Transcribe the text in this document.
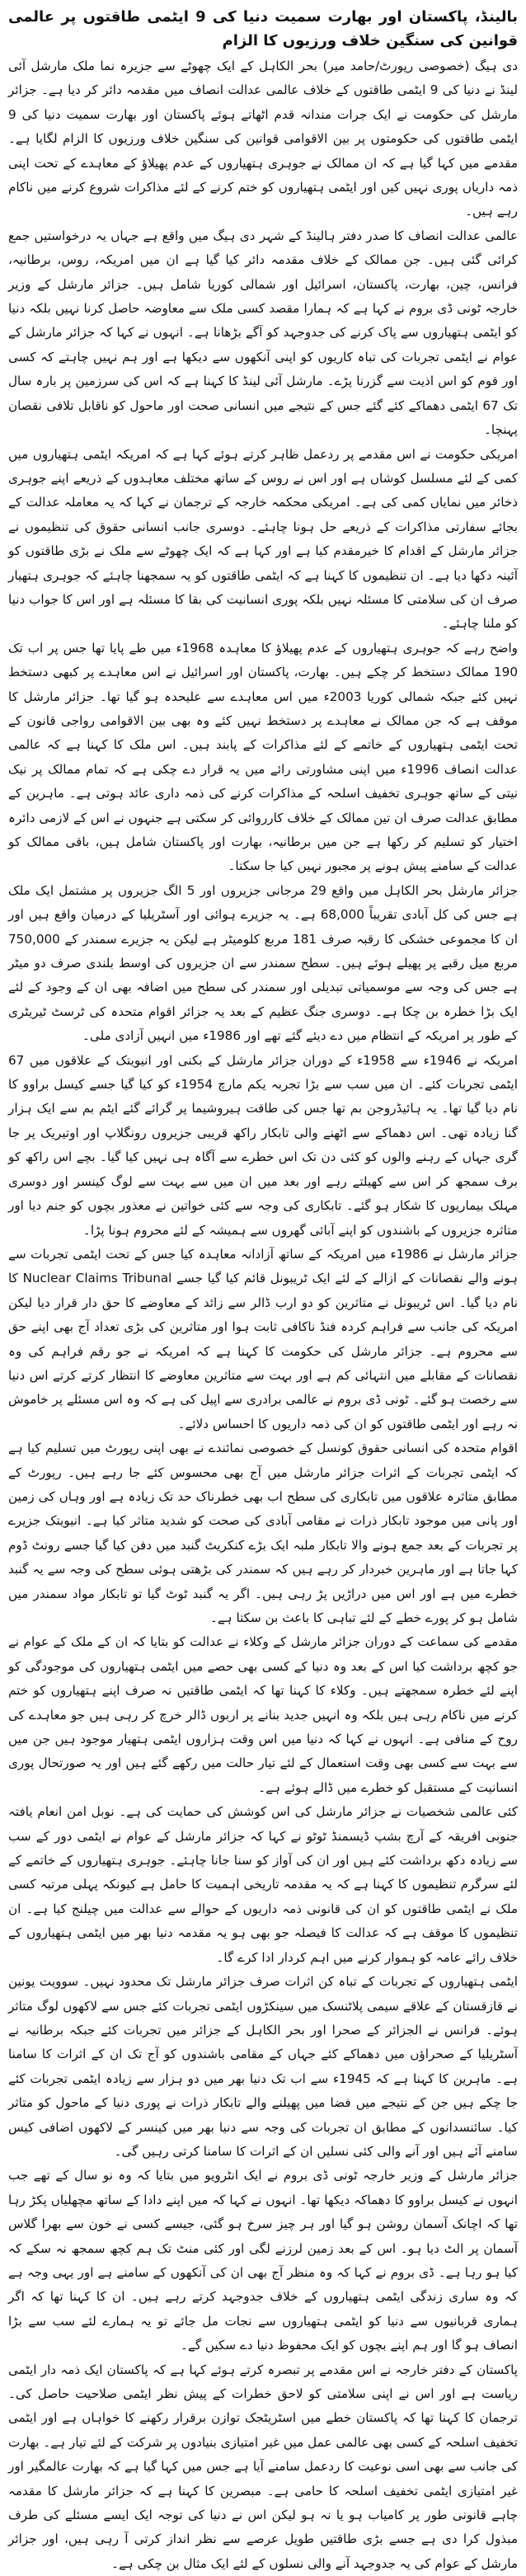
بالینڈ، پاکستان اور بھارت سمیت دنیا کی 9 ایٹمی طاقتوں پر عالمی قوانین کی سنگین خلاف ورزیوں کا الزام

دی ہیگ (خصوصی رپورٹ/حامد میر) بحر الکاہل کے ایک چھوٹے سے جزیرہ نما ملک مارشل آئی لینڈ نے دنیا کی 9 ایٹمی طاقتوں کے خلاف عالمی عدالت انصاف میں مقدمہ دائر کر دیا ہے۔ جزائر مارشل کی حکومت نے ایک جرات مندانہ قدم اٹھاتے ہوئے پاکستان اور بھارت سمیت دنیا کی 9 ایٹمی طاقتوں کی حکومتوں پر بین الاقوامی قوانین کی سنگین خلاف ورزیوں کا الزام لگایا ہے۔ مقدمے میں کہا گیا ہے کہ ان ممالک نے جوہری ہتھیاروں کے عدم پھیلاؤ کے معاہدے کے تحت اپنی ذمہ داریاں پوری نہیں کیں اور ایٹمی ہتھیاروں کو ختم کرنے کے لئے مذاکرات شروع کرنے میں ناکام رہے ہیں۔

عالمی عدالت انصاف کا صدر دفتر ہالینڈ کے شہر دی ہیگ میں واقع ہے جہاں یہ درخواستیں جمع کرائی گئی ہیں۔ جن ممالک کے خلاف مقدمہ دائر کیا گیا ہے ان میں امریکہ، روس، برطانیہ، فرانس، چین، بھارت، پاکستان، اسرائیل اور شمالی کوریا شامل ہیں۔ جزائر مارشل کے وزیر خارجہ ٹونی ڈی بروم نے کہا ہے کہ ہمارا مقصد کسی ملک سے معاوضہ حاصل کرنا نہیں بلکہ دنیا کو ایٹمی ہتھیاروں سے پاک کرنے کی جدوجہد کو آگے بڑھانا ہے۔ انہوں نے کہا کہ جزائر مارشل کے عوام نے ایٹمی تجربات کی تباہ کاریوں کو اپنی آنکھوں سے دیکھا ہے اور ہم نہیں چاہتے کہ کسی اور قوم کو اس اذیت سے گزرنا پڑے۔ مارشل آئی لینڈ کا کہنا ہے کہ اس کی سرزمین پر بارہ سال تک 67 ایٹمی دھماکے کئے گئے جس کے نتیجے میں انسانی صحت اور ماحول کو ناقابل تلافی نقصان پہنچا۔

امریکی حکومت نے اس مقدمے پر ردعمل ظاہر کرتے ہوئے کہا ہے کہ امریکہ ایٹمی ہتھیاروں میں کمی کے لئے مسلسل کوشاں ہے اور اس نے روس کے ساتھ مختلف معاہدوں کے ذریعے اپنے جوہری ذخائر میں نمایاں کمی کی ہے۔ امریکی محکمہ خارجہ کے ترجمان نے کہا کہ یہ معاملہ عدالت کے بجائے سفارتی مذاکرات کے ذریعے حل ہونا چاہئے۔ دوسری جانب انسانی حقوق کی تنظیموں نے جزائر مارشل کے اقدام کا خیرمقدم کیا ہے اور کہا ہے کہ ایک چھوٹے سے ملک نے بڑی طاقتوں کو آئینہ دکھا دیا ہے۔ ان تنظیموں کا کہنا ہے کہ ایٹمی طاقتوں کو یہ سمجھنا چاہئے کہ جوہری ہتھیار صرف ان کی سلامتی کا مسئلہ نہیں بلکہ پوری انسانیت کی بقا کا مسئلہ ہے اور اس کا جواب دنیا کو ملنا چاہئے۔

واضح رہے کہ جوہری ہتھیاروں کے عدم پھیلاؤ کا معاہدہ 1968ء میں طے پایا تھا جس پر اب تک 190 ممالک دستخط کر چکے ہیں۔ بھارت، پاکستان اور اسرائیل نے اس معاہدے پر کبھی دستخط نہیں کئے جبکہ شمالی کوریا 2003ء میں اس معاہدے سے علیحدہ ہو گیا تھا۔ جزائر مارشل کا موقف ہے کہ جن ممالک نے معاہدے پر دستخط نہیں کئے وہ بھی بین الاقوامی رواجی قانون کے تحت ایٹمی ہتھیاروں کے خاتمے کے لئے مذاکرات کے پابند ہیں۔ اس ملک کا کہنا ہے کہ عالمی عدالت انصاف 1996ء میں اپنی مشاورتی رائے میں یہ قرار دے چکی ہے کہ تمام ممالک پر نیک نیتی کے ساتھ جوہری تخفیف اسلحہ کے مذاکرات کرنے کی ذمہ داری عائد ہوتی ہے۔ ماہرین کے مطابق عدالت صرف ان تین ممالک کے خلاف کارروائی کر سکتی ہے جنہوں نے اس کے لازمی دائرہ اختیار کو تسلیم کر رکھا ہے جن میں برطانیہ، بھارت اور پاکستان شامل ہیں، باقی ممالک کو عدالت کے سامنے پیش ہونے پر مجبور نہیں کیا جا سکتا۔

جزائر مارشل بحر الکاہل میں واقع 29 مرجانی جزیروں اور 5 الگ جزیروں پر مشتمل ایک ملک ہے جس کی کل آبادی تقریباً 68,000 ہے۔ یہ جزیرے ہوائی اور آسٹریلیا کے درمیان واقع ہیں اور ان کا مجموعی خشکی کا رقبہ صرف 181 مربع کلومیٹر ہے لیکن یہ جزیرے سمندر کے 750,000 مربع میل رقبے پر پھیلے ہوئے ہیں۔ سطح سمندر سے ان جزیروں کی اوسط بلندی صرف دو میٹر ہے جس کی وجہ سے موسمیاتی تبدیلی اور سمندر کی سطح میں اضافہ بھی ان کے وجود کے لئے ایک بڑا خطرہ بن چکا ہے۔ دوسری جنگ عظیم کے بعد یہ جزائر اقوام متحدہ کی ٹرسٹ ٹیریٹری کے طور پر امریکہ کے انتظام میں دے دیئے گئے تھے اور 1986ء میں انہیں آزادی ملی۔

امریکہ نے 1946ء سے 1958ء کے دوران جزائر مارشل کے بکنی اور انیویتک کے علاقوں میں 67 ایٹمی تجربات کئے۔ ان میں سب سے بڑا تجربہ یکم مارچ 1954ء کو کیا گیا جسے کیسل براوو کا نام دیا گیا تھا۔ یہ ہائیڈروجن بم تھا جس کی طاقت ہیروشیما پر گرائے گئے ایٹم بم سے ایک ہزار گنا زیادہ تھی۔ اس دھماکے سے اٹھنے والی تابکار راکھ قریبی جزیروں رونگلاپ اور اوتیریک پر جا گری جہاں کے رہنے والوں کو کئی دن تک اس خطرے سے آگاہ ہی نہیں کیا گیا۔ بچے اس راکھ کو برف سمجھ کر اس سے کھیلتے رہے اور بعد میں ان میں سے بہت سے لوگ کینسر اور دوسری مہلک بیماریوں کا شکار ہو گئے۔ تابکاری کی وجہ سے کئی خواتین نے معذور بچوں کو جنم دیا اور متاثرہ جزیروں کے باشندوں کو اپنے آبائی گھروں سے ہمیشہ کے لئے محروم ہونا پڑا۔

جزائر مارشل نے 1986ء میں امریکہ کے ساتھ آزادانہ معاہدہ کیا جس کے تحت ایٹمی تجربات سے ہونے والے نقصانات کے ازالے کے لئے ایک ٹریبونل قائم کیا گیا جسے Nuclear Claims Tribunal کا نام دیا گیا۔ اس ٹریبونل نے متاثرین کو دو ارب ڈالر سے زائد کے معاوضے کا حق دار قرار دیا لیکن امریکہ کی جانب سے فراہم کردہ فنڈ ناکافی ثابت ہوا اور متاثرین کی بڑی تعداد آج بھی اپنے حق سے محروم ہے۔ جزائر مارشل کی حکومت کا کہنا ہے کہ امریکہ نے جو رقم فراہم کی وہ نقصانات کے مقابلے میں انتہائی کم ہے اور بہت سے متاثرین معاوضے کا انتظار کرتے کرتے اس دنیا سے رخصت ہو گئے۔ ٹونی ڈی بروم نے عالمی برادری سے اپیل کی ہے کہ وہ اس مسئلے پر خاموش نہ رہے اور ایٹمی طاقتوں کو ان کی ذمہ داریوں کا احساس دلائے۔

اقوام متحدہ کی انسانی حقوق کونسل کے خصوصی نمائندے نے بھی اپنی رپورٹ میں تسلیم کیا ہے کہ ایٹمی تجربات کے اثرات جزائر مارشل میں آج بھی محسوس کئے جا رہے ہیں۔ رپورٹ کے مطابق متاثرہ علاقوں میں تابکاری کی سطح اب بھی خطرناک حد تک زیادہ ہے اور وہاں کی زمین اور پانی میں موجود تابکار ذرات نے مقامی آبادی کی صحت کو شدید متاثر کیا ہے۔ انیویتک جزیرے پر تجربات کے بعد جمع ہونے والا تابکار ملبہ ایک بڑے کنکریٹ گنبد میں دفن کیا گیا جسے رونٹ ڈوم کہا جاتا ہے اور ماہرین خبردار کر رہے ہیں کہ سمندر کی بڑھتی ہوئی سطح کی وجہ سے یہ گنبد خطرے میں ہے اور اس میں دراڑیں پڑ رہی ہیں۔ اگر یہ گنبد ٹوٹ گیا تو تابکار مواد سمندر میں شامل ہو کر پورے خطے کے لئے تباہی کا باعث بن سکتا ہے۔

مقدمے کی سماعت کے دوران جزائر مارشل کے وکلاء نے عدالت کو بتایا کہ ان کے ملک کے عوام نے جو کچھ برداشت کیا اس کے بعد وہ دنیا کے کسی بھی حصے میں ایٹمی ہتھیاروں کی موجودگی کو اپنے لئے خطرہ سمجھتے ہیں۔ وکلاء کا کہنا تھا کہ ایٹمی طاقتیں نہ صرف اپنے ہتھیاروں کو ختم کرنے میں ناکام رہی ہیں بلکہ وہ انہیں جدید بنانے پر اربوں ڈالر خرچ کر رہی ہیں جو معاہدے کی روح کے منافی ہے۔ انہوں نے کہا کہ دنیا میں اس وقت ہزاروں ایٹمی ہتھیار موجود ہیں جن میں سے بہت سے کسی بھی وقت استعمال کے لئے تیار حالت میں رکھے گئے ہیں اور یہ صورتحال پوری انسانیت کے مستقبل کو خطرے میں ڈالے ہوئے ہے۔

کئی عالمی شخصیات نے جزائر مارشل کی اس کوشش کی حمایت کی ہے۔ نوبل امن انعام یافتہ جنوبی افریقہ کے آرچ بشپ ڈیسمنڈ ٹوٹو نے کہا کہ جزائر مارشل کے عوام نے ایٹمی دور کے سب سے زیادہ دکھ برداشت کئے ہیں اور ان کی آواز کو سنا جانا چاہئے۔ جوہری ہتھیاروں کے خاتمے کے لئے سرگرم تنظیموں کا کہنا ہے کہ یہ مقدمہ تاریخی اہمیت کا حامل ہے کیونکہ پہلی مرتبہ کسی ملک نے ایٹمی طاقتوں کو ان کی قانونی ذمہ داریوں کے حوالے سے عدالت میں چیلنج کیا ہے۔ ان تنظیموں کا موقف ہے کہ عدالت کا فیصلہ جو بھی ہو یہ مقدمہ دنیا بھر میں ایٹمی ہتھیاروں کے خلاف رائے عامہ کو ہموار کرنے میں اہم کردار ادا کرے گا۔

ایٹمی ہتھیاروں کے تجربات کے تباہ کن اثرات صرف جزائر مارشل تک محدود نہیں۔ سوویت یونین نے قازقستان کے علاقے سیمی پلاٹنسک میں سینکڑوں ایٹمی تجربات کئے جس سے لاکھوں لوگ متاثر ہوئے۔ فرانس نے الجزائر کے صحرا اور بحر الکاہل کے جزائر میں تجربات کئے جبکہ برطانیہ نے آسٹریلیا کے صحراؤں میں دھماکے کئے جہاں کے مقامی باشندوں کو آج تک ان کے اثرات کا سامنا ہے۔ ماہرین کا کہنا ہے کہ 1945ء سے اب تک دنیا بھر میں دو ہزار سے زیادہ ایٹمی تجربات کئے جا چکے ہیں جن کے نتیجے میں فضا میں پھیلنے والے تابکار ذرات نے پوری دنیا کے ماحول کو متاثر کیا۔ سائنسدانوں کے مطابق ان تجربات کی وجہ سے دنیا بھر میں کینسر کے لاکھوں اضافی کیس سامنے آئے ہیں اور آنے والی کئی نسلیں ان کے اثرات کا سامنا کرتی رہیں گی۔

جزائر مارشل کے وزیر خارجہ ٹونی ڈی بروم نے ایک انٹرویو میں بتایا کہ وہ نو سال کے تھے جب انہوں نے کیسل براوو کا دھماکہ دیکھا تھا۔ انہوں نے کہا کہ میں اپنے دادا کے ساتھ مچھلیاں پکڑ رہا تھا کہ اچانک آسمان روشن ہو گیا اور ہر چیز سرخ ہو گئی، جیسے کسی نے خون سے بھرا گلاس آسمان پر الٹ دیا ہو۔ اس کے بعد زمین لرزنے لگی اور کئی منٹ تک ہم کچھ سمجھ نہ سکے کہ کیا ہو رہا ہے۔ ڈی بروم نے کہا کہ وہ منظر آج بھی ان کی آنکھوں کے سامنے ہے اور یہی وجہ ہے کہ وہ ساری زندگی ایٹمی ہتھیاروں کے خلاف جدوجہد کرتے رہے ہیں۔ ان کا کہنا تھا کہ اگر ہماری قربانیوں سے دنیا کو ایٹمی ہتھیاروں سے نجات مل جائے تو یہ ہمارے لئے سب سے بڑا انصاف ہو گا اور ہم اپنے بچوں کو ایک محفوظ دنیا دے سکیں گے۔

پاکستان کے دفتر خارجہ نے اس مقدمے پر تبصرہ کرتے ہوئے کہا ہے کہ پاکستان ایک ذمہ دار ایٹمی ریاست ہے اور اس نے اپنی سلامتی کو لاحق خطرات کے پیش نظر ایٹمی صلاحیت حاصل کی۔ ترجمان کا کہنا تھا کہ پاکستان خطے میں اسٹریٹجک توازن برقرار رکھنے کا خواہاں ہے اور ایٹمی تخفیف اسلحہ کے کسی بھی عالمی عمل میں غیر امتیازی بنیادوں پر شرکت کے لئے تیار ہے۔ بھارت کی جانب سے بھی اسی نوعیت کا ردعمل سامنے آیا ہے جس میں کہا گیا ہے کہ بھارت عالمگیر اور غیر امتیازی ایٹمی تخفیف اسلحہ کا حامی ہے۔ مبصرین کا کہنا ہے کہ جزائر مارشل کا مقدمہ چاہے قانونی طور پر کامیاب ہو یا نہ ہو لیکن اس نے دنیا کی توجہ ایک ایسے مسئلے کی طرف مبذول کرا دی ہے جسے بڑی طاقتیں طویل عرصے سے نظر انداز کرتی آ رہی ہیں، اور جزائر مارشل کے عوام کی یہ جدوجہد آنے والی نسلوں کے لئے ایک مثال بن چکی ہے۔
